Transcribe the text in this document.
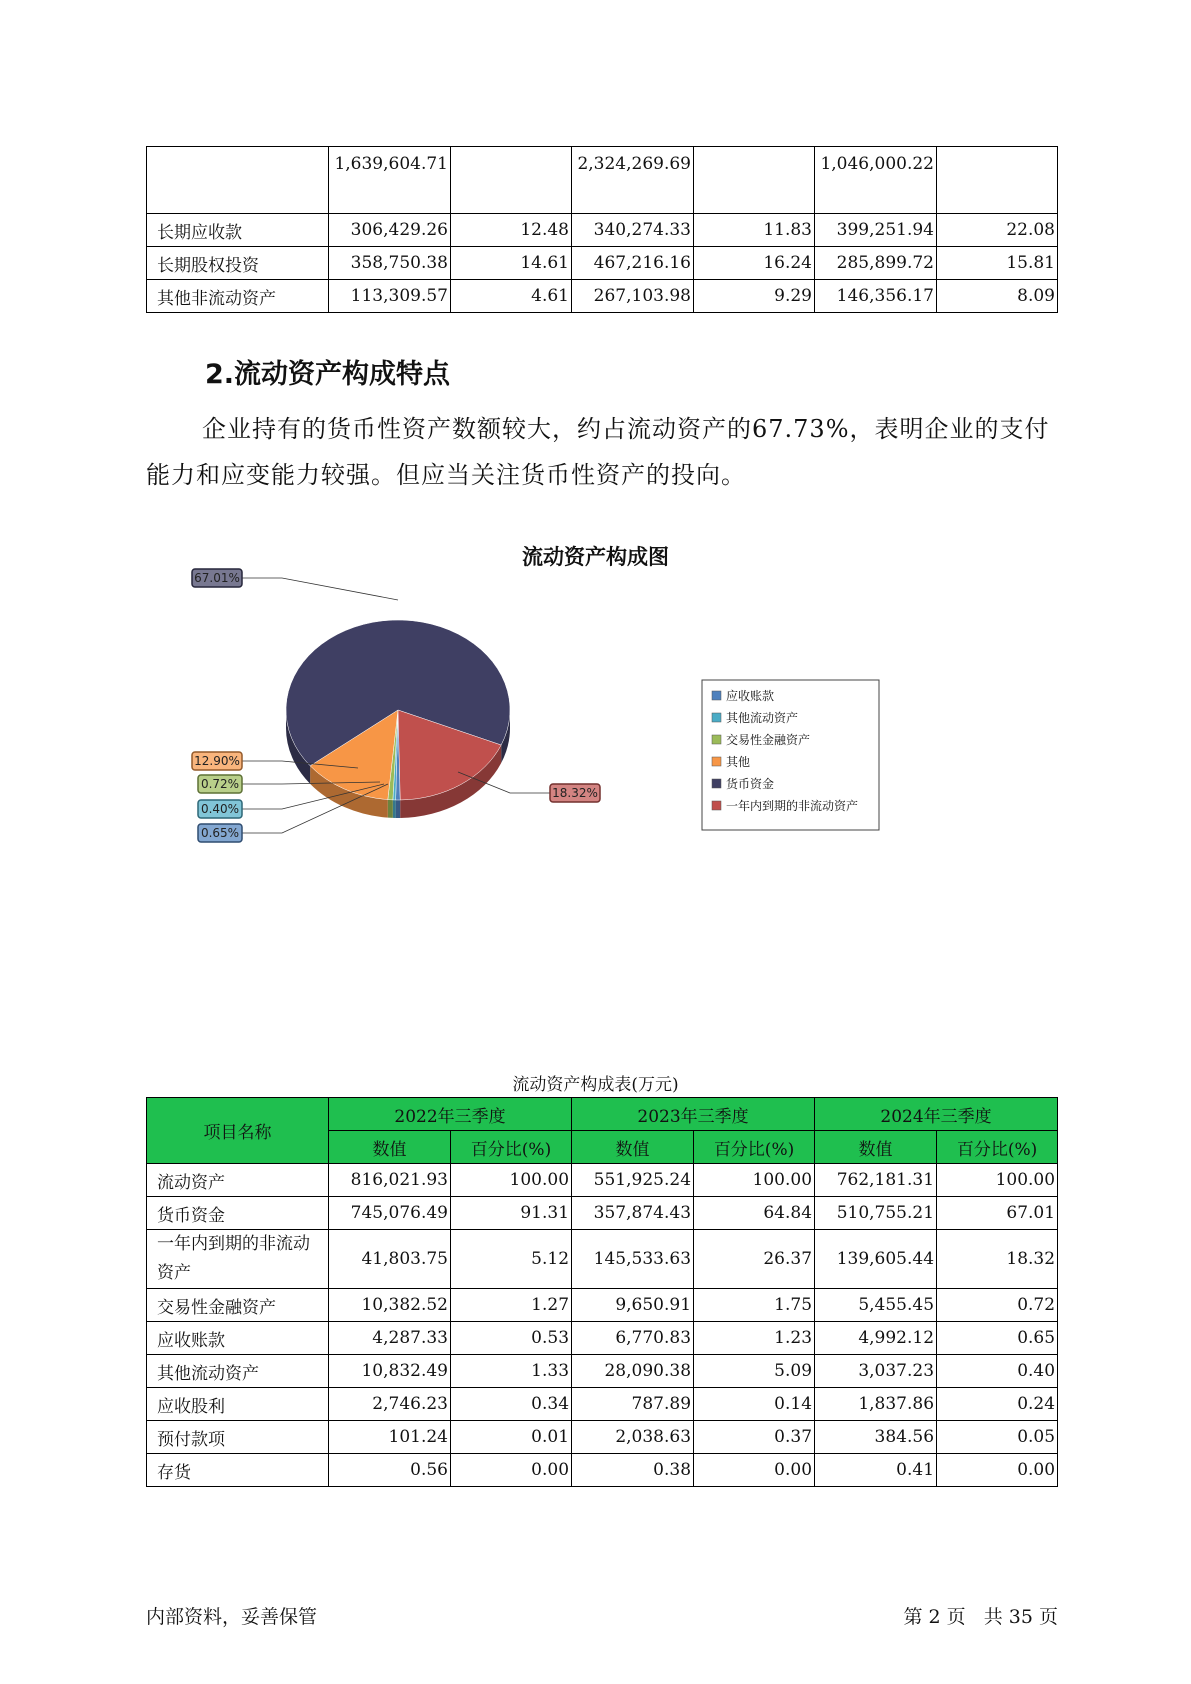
	1,639,604.71		2,324,269.69		1,046,000.22	
长期应收款	306,429.26	12.48	340,274.33	11.83	399,251.94	22.08
长期股权投资	358,750.38	14.61	467,216.16	16.24	285,899.72	15.81
其他非流动资产	113,309.57	4.61	267,103.98	9.29	146,356.17	8.09
2.流动资产构成特点

企业持有的货币性资产数额较大，约占流动资产的67.73%，表明企业的支付能力和应变能力较强。但应当关注货币性资产的投向。

流动资产构成图
0.65%
0.40%
0.72%
12.90%
67.01%
18.32%
应收账款
其他流动资产
交易性金融资产
其他
货币资金
一年内到期的非流动资产
流动资产构成表(万元)
项目名称	2022年三季度		2023年三季度		2024年三季度	
	数值	百分比(%)	数值	百分比(%)	数值	百分比(%)
流动资产	816,021.93	100.00	551,925.24	100.00	762,181.31	100.00
货币资金	745,076.49	91.31	357,874.43	64.84	510,755.21	67.01
一年内到期的非流动资产	41,803.75	5.12	145,533.63	26.37	139,605.44	18.32
交易性金融资产	10,382.52	1.27	9,650.91	1.75	5,455.45	0.72
应收账款	4,287.33	0.53	6,770.83	1.23	4,992.12	0.65
其他流动资产	10,832.49	1.33	28,090.38	5.09	3,037.23	0.40
应收股利	2,746.23	0.34	787.89	0.14	1,837.86	0.24
预付款项	101.24	0.01	2,038.63	0.37	384.56	0.05
存货	0.56	0.00	0.38	0.00	0.41	0.00
内部资料，妥善保管	第 2 页   共 35 页
